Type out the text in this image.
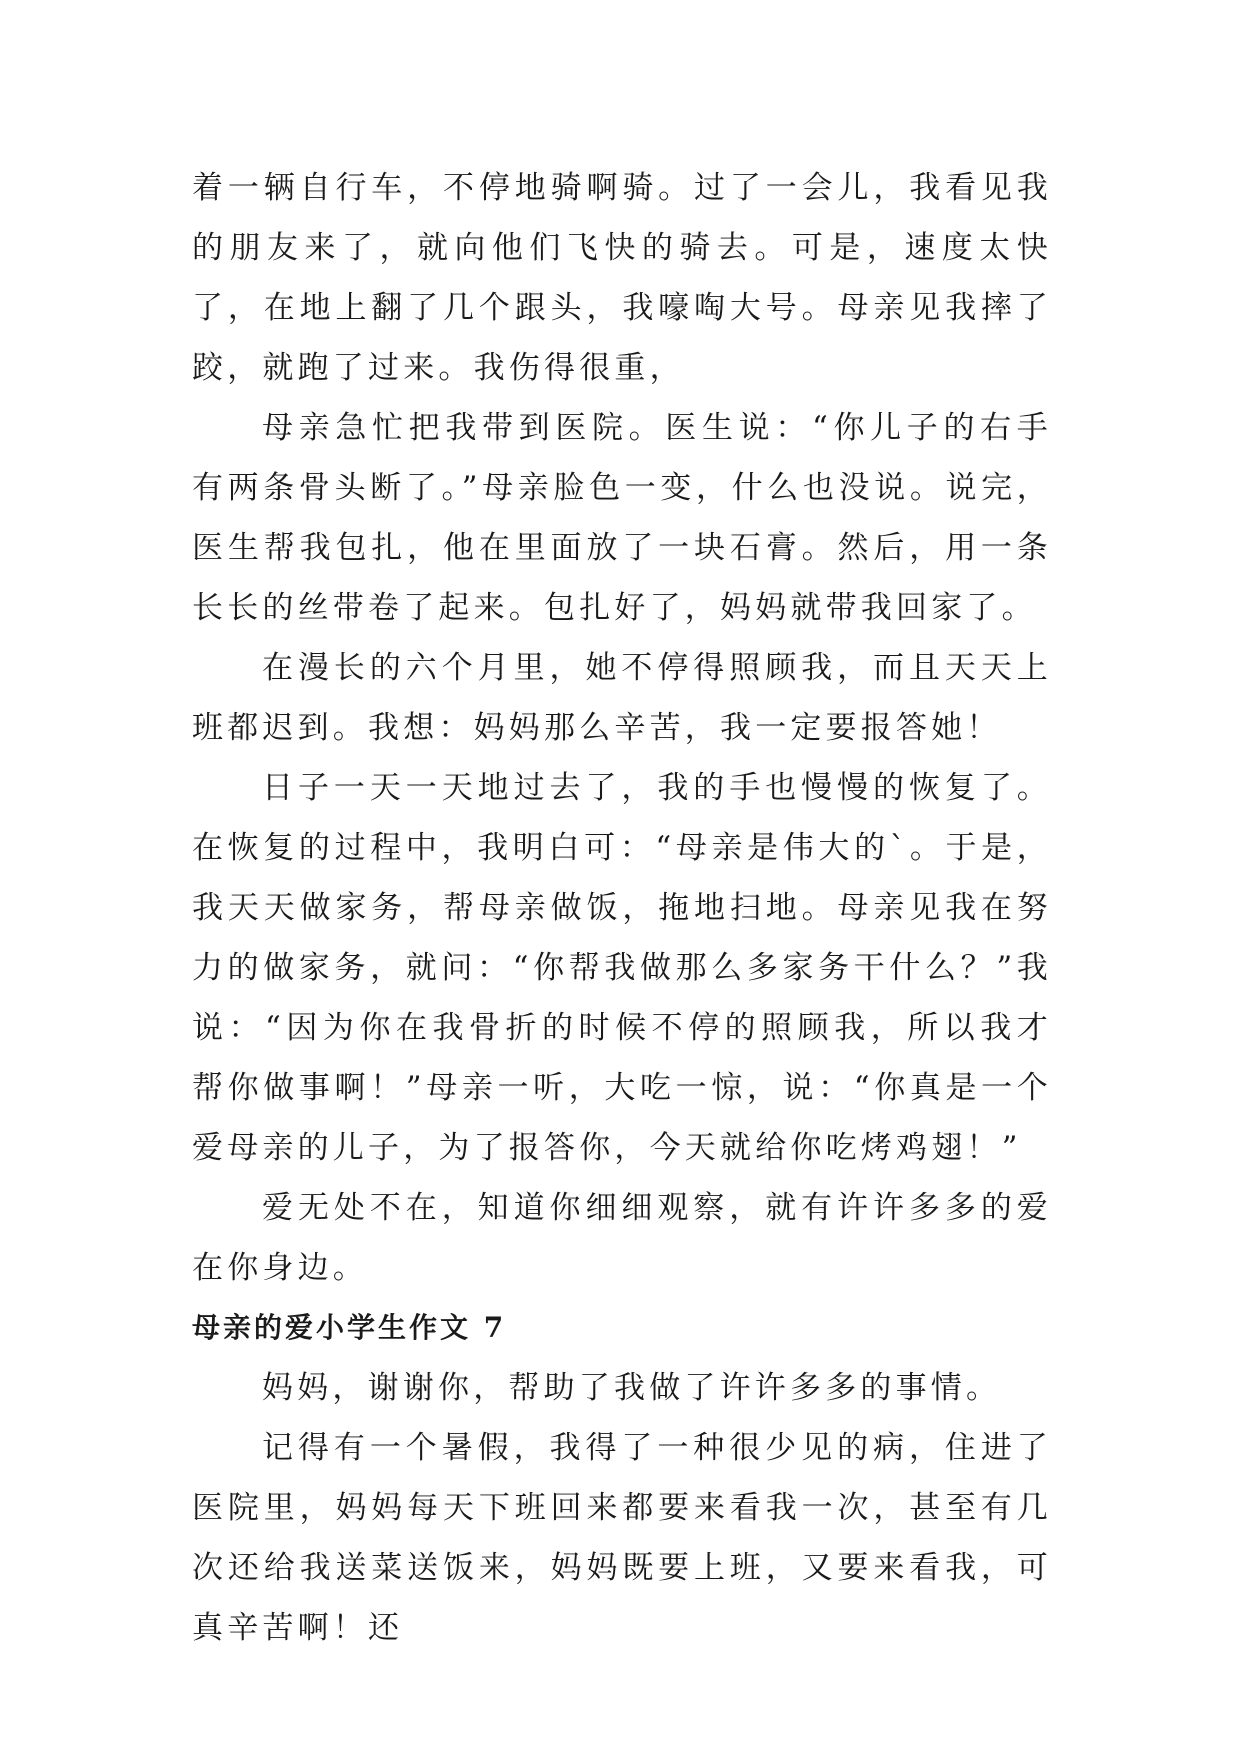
着一辆自行车，不停地骑啊骑。过了一会儿，我看见我的朋友来了，就向他们飞快的骑去。可是，速度太快了，在地上翻了几个跟头，我嚎啕大号。母亲见我摔了跤，就跑了过来。我伤得很重，

母亲急忙把我带到医院。医生说：“你儿子的右手有两条骨头断了。”母亲脸色一变，什么也没说。说完，医生帮我包扎，他在里面放了一块石膏。然后，用一条长长的丝带卷了起来。包扎好了，妈妈就带我回家了。

在漫长的六个月里，她不停得照顾我，而且天天上班都迟到。我想：妈妈那么辛苦，我一定要报答她！

日子一天一天地过去了，我的手也慢慢的恢复了。在恢复的过程中，我明白可：“母亲是伟大的`。于是，我天天做家务，帮母亲做饭，拖地扫地。母亲见我在努力的做家务，就问：“你帮我做那么多家务干什么？”我说：“因为你在我骨折的时候不停的照顾我，所以我才帮你做事啊！”母亲一听，大吃一惊，说：“你真是一个爱母亲的儿子，为了报答你，今天就给你吃烤鸡翅！”

爱无处不在，知道你细细观察，就有许许多多的爱在你身边。

母亲的爱小学生作文 7

妈妈，谢谢你，帮助了我做了许许多多的事情。

记得有一个暑假，我得了一种很少见的病，住进了医院里，妈妈每天下班回来都要来看我一次，甚至有几次还给我送菜送饭来，妈妈既要上班，又要来看我，可真辛苦啊！还
